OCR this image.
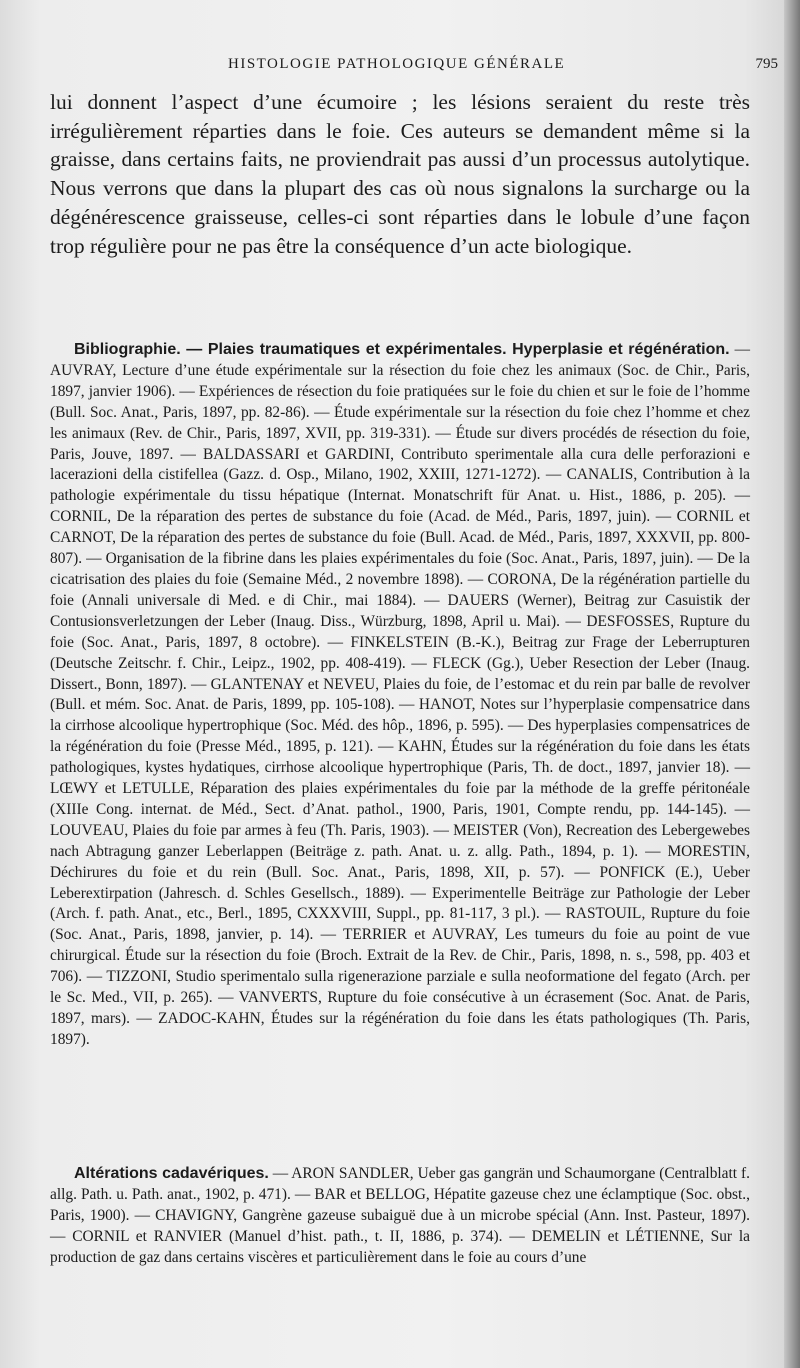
HISTOLOGIE PATHOLOGIQUE GÉNÉRALE	795

lui donnent l’aspect d’une écumoire ; les lésions seraient du reste très irrégulièrement réparties dans le foie. Ces auteurs se demandent même si la graisse, dans certains faits, ne proviendrait pas aussi d’un processus autolytique. Nous verrons que dans la plupart des cas où nous signalons la surcharge ou la dégénérescence graisseuse, celles-ci sont réparties dans le lobule d’une façon trop régulière pour ne pas être la conséquence d’un acte biologique.

Bibliographie. — Plaies traumatiques et expérimentales. Hyperplasie et régénération. — AUVRAY, Lecture d’une étude expérimentale sur la résection du foie chez les animaux (Soc. de Chir., Paris, 1897, janvier 1906). — Expériences de résection du foie pratiquées sur le foie du chien et sur le foie de l’homme (Bull. Soc. Anat., Paris, 1897, pp. 82-86). — Étude expérimentale sur la résection du foie chez l’homme et chez les animaux (Rev. de Chir., Paris, 1897, XVII, pp. 319-331). — Étude sur divers procédés de résection du foie, Paris, Jouve, 1897. — BALDASSARI et GARDINI, Contributo sperimentale alla cura delle perforazioni e lacerazioni della cistifellea (Gazz. d. Osp., Milano, 1902, XXIII, 1271-1272). — CANALIS, Contribution à la pathologie expérimentale du tissu hépatique (Internat. Monatschrift für Anat. u. Hist., 1886, p. 205). — CORNIL, De la réparation des pertes de substance du foie (Acad. de Méd., Paris, 1897, juin). — CORNIL et CARNOT, De la réparation des pertes de substance du foie (Bull. Acad. de Méd., Paris, 1897, XXXVII, pp. 800-807). — Organisation de la fibrine dans les plaies expérimentales du foie (Soc. Anat., Paris, 1897, juin). — De la cicatrisation des plaies du foie (Semaine Méd., 2 novembre 1898). — CORONA, De la régénération partielle du foie (Annali universale di Med. e di Chir., mai 1884). — DAUERS (Werner), Beitrag zur Casuistik der Contusionsverletzungen der Leber (Inaug. Diss., Würzburg, 1898, April u. Mai). — DESFOSSES, Rupture du foie (Soc. Anat., Paris, 1897, 8 octobre). — FINKELSTEIN (B.-K.), Beitrag zur Frage der Leberrupturen (Deutsche Zeitschr. f. Chir., Leipz., 1902, pp. 408-419). — FLECK (Gg.), Ueber Resection der Leber (Inaug. Dissert., Bonn, 1897). — GLANTENAY et NEVEU, Plaies du foie, de l’estomac et du rein par balle de revolver (Bull. et mém. Soc. Anat. de Paris, 1899, pp. 105-108). — HANOT, Notes sur l’hyperplasie compensatrice dans la cirrhose alcoolique hypertrophique (Soc. Méd. des hôp., 1896, p. 595). — Des hyperplasies compensatrices de la régénération du foie (Presse Méd., 1895, p. 121). — KAHN, Études sur la régénération du foie dans les états pathologiques, kystes hydatiques, cirrhose alcoolique hypertrophique (Paris, Th. de doct., 1897, janvier 18). — LŒWY et LETULLE, Réparation des plaies expérimentales du foie par la méthode de la greffe péritonéale (XIIIe Cong. internat. de Méd., Sect. d’Anat. pathol., 1900, Paris, 1901, Compte rendu, pp. 144-145). — LOUVEAU, Plaies du foie par armes à feu (Th. Paris, 1903). — MEISTER (Von), Recreation des Lebergewebes nach Abtragung ganzer Leberlappen (Beiträge z. path. Anat. u. z. allg. Path., 1894, p. 1). — MORESTIN, Déchirures du foie et du rein (Bull. Soc. Anat., Paris, 1898, XII, p. 57). — PONFICK (E.), Ueber Leberextirpation (Jahresch. d. Schles Gesellsch., 1889). — Experimentelle Beiträge zur Pathologie der Leber (Arch. f. path. Anat., etc., Berl., 1895, CXXXVIII, Suppl., pp. 81-117, 3 pl.). — RASTOUIL, Rupture du foie (Soc. Anat., Paris, 1898, janvier, p. 14). — TERRIER et AUVRAY, Les tumeurs du foie au point de vue chirurgical. Étude sur la résection du foie (Broch. Extrait de la Rev. de Chir., Paris, 1898, n. s., 598, pp. 403 et 706). — TIZZONI, Studio sperimentalo sulla rigenerazione parziale e sulla neoformatione del fegato (Arch. per le Sc. Med., VII, p. 265). — VANVERTS, Rupture du foie consécutive à un écrasement (Soc. Anat. de Paris, 1897, mars). — ZADOC-KAHN, Études sur la régénération du foie dans les états pathologiques (Th. Paris, 1897).

Altérations cadavériques. — ARON SANDLER, Ueber gas gangrän und Schaumorgane (Centralblatt f. allg. Path. u. Path. anat., 1902, p. 471). — BAR et BELLOG, Hépatite gazeuse chez une éclamptique (Soc. obst., Paris, 1900). — CHAVIGNY, Gangrène gazeuse subaiguë due à un microbe spécial (Ann. Inst. Pasteur, 1897). — CORNIL et RANVIER (Manuel d’hist. path., t. II, 1886, p. 374). — DEMELIN et LÉTIENNE, Sur la production de gaz dans certains viscères et particulièrement dans le foie au cours d’une
